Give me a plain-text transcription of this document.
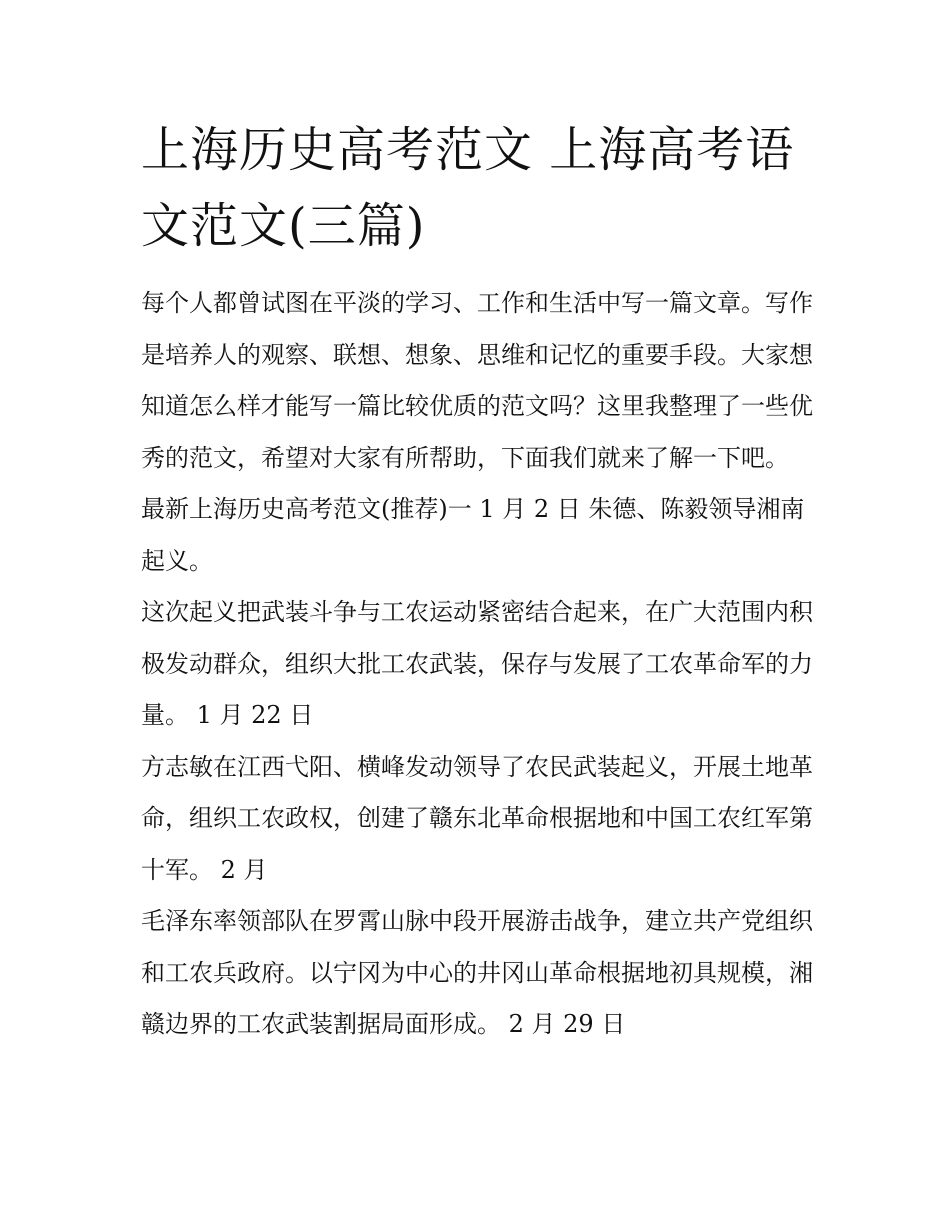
上海历史高考范文 上海高考语文范文(三篇)

每个人都曾试图在平淡的学习、工作和生活中写一篇文章。写作是培养人的观察、联想、想象、思维和记忆的重要手段。大家想知道怎么样才能写一篇比较优质的范文吗？这里我整理了一些优秀的范文，希望对大家有所帮助，下面我们就来了解一下吧。

最新上海历史高考范文(推荐)一 1 月 2 日 朱德、陈毅领导湘南起义。

这次起义把武装斗争与工农运动紧密结合起来，在广大范围内积极发动群众，组织大批工农武装，保存与发展了工农革命军的力量。 1 月 22 日

方志敏在江西弋阳、横峰发动领导了农民武装起义，开展土地革命，组织工农政权，创建了赣东北革命根据地和中国工农红军第十军。 2 月

毛泽东率领部队在罗霄山脉中段开展游击战争，建立共产党组织和工农兵政府。以宁冈为中心的井冈山革命根据地初具规模，湘赣边界的工农武装割据局面形成。 2 月 29 日
